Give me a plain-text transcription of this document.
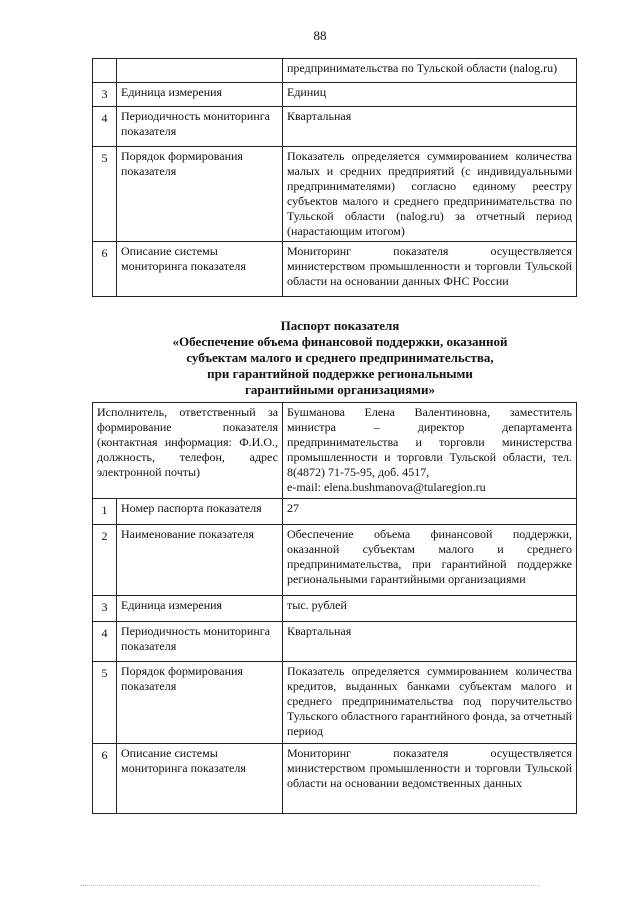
88
		предпринимательства по Тульской области (nalog.ru)
3	Единица измерения	Единиц
4	Периодичность мониторинга показателя	Квартальная
5	Порядок формирования показателя	Показатель определяется суммированием количества малых и средних предприятий (с индивидуальными предпринимателями) согласно единому реестру субъектов малого и среднего предпринимательства по Тульской области (nalog.ru) за отчетный период (нарастающим итогом)
6	Описание системы мониторинга показателя	Мониторинг показателя осуществляется министерством промышленности и торговли Тульской области на основании данных ФНС России
Паспорт показателя
«Обеспечение объема финансовой поддержки, оказанной
субъектам малого и среднего предпринимательства,
при гарантийной поддержке региональными
гарантийными организациями»
Исполнитель, ответственный за формирование показателя (контактная информация: Ф.И.О., должность, телефон, адрес электронной почты)		Бушманова Елена Валентиновна, заместитель министра – директор департамента предпринимательства и торговли министерства промышленности и торговли Тульской области, тел. 8(4872) 71-75-95, доб. 4517,
e-mail: elena.bushmanova@tularegion.ru
1	Номер паспорта показателя	27
2	Наименование показателя	Обеспечение объема финансовой поддержки, оказанной субъектам малого и среднего предпринимательства, при гарантийной поддержке региональными гарантийными организациями
3	Единица измерения	тыс. рублей
4	Периодичность мониторинга показателя	Квартальная
5	Порядок формирования показателя	Показатель определяется суммированием количества кредитов, выданных банками субъектам малого и среднего предпринимательства под поручительство Тульского областного гарантийного фонда, за отчетный период
6	Описание системы мониторинга показателя	Мониторинг показателя осуществляется министерством промышленности и торговли Тульской области на основании ведомственных данных
